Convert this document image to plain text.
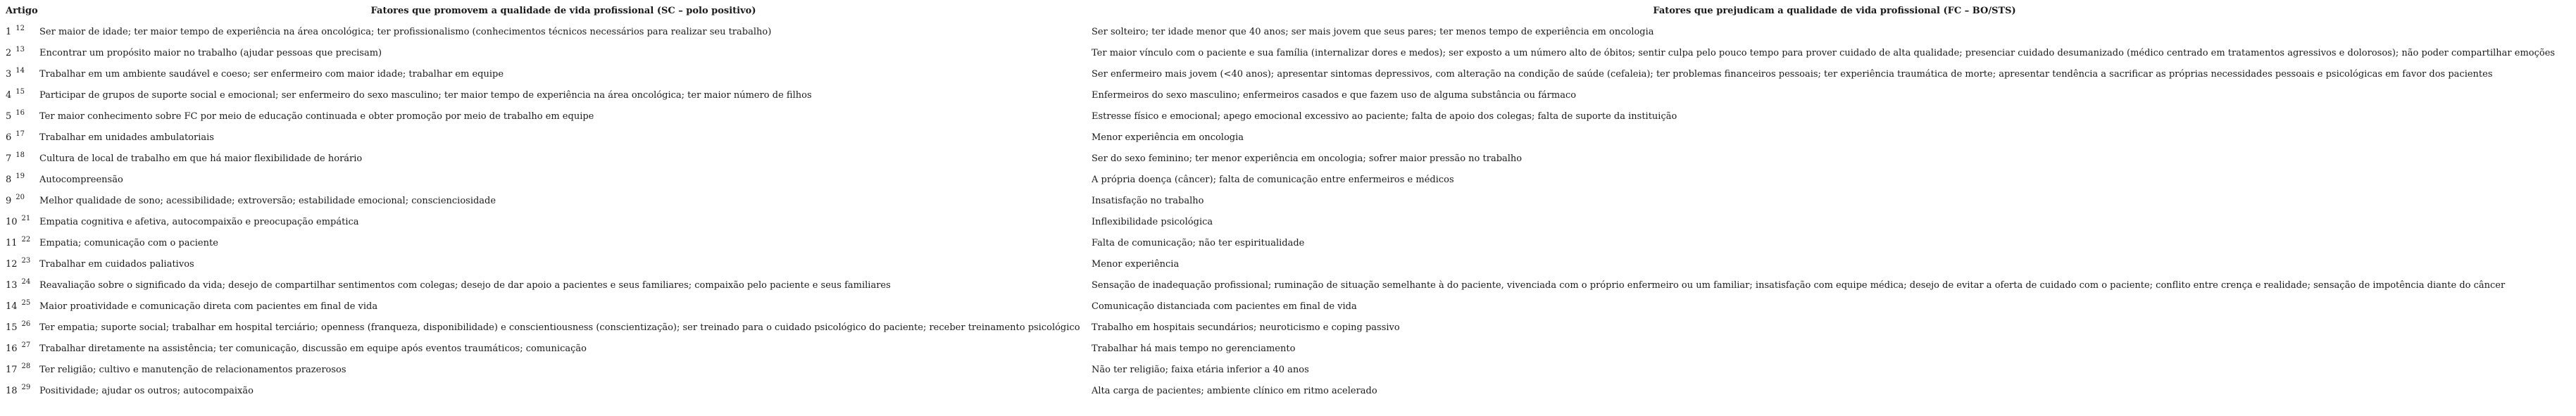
Artigo	Fatores que promovem a qualidade de vida profissional (SC – polo positivo)	Fatores que prejudicam a qualidade de vida profissional (FC – BO/STS)
1 $^{12}$	Ser maior de idade; ter maior tempo de experiência na área oncológica; ter profissionalismo (conhecimentos técnicos necessários para realizar seu trabalho)	Ser solteiro; ter idade menor que 40 anos; ser mais jovem que seus pares; ter menos tempo de experiência em oncologia
2 $^{13}$	Encontrar um propósito maior no trabalho (ajudar pessoas que precisam)	Ter maior vínculo com o paciente e sua família (internalizar dores e medos); ser exposto a um número alto de óbitos; sentir culpa pelo pouco tempo para prover cuidado de alta qualidade; presenciar cuidado desumanizado (médico centrado em tratamentos agressivos e dolorosos); não poder compartilhar emoções
3 $^{14}$	Trabalhar em um ambiente saudável e coeso; ser enfermeiro com maior idade; trabalhar em equipe	Ser enfermeiro mais jovem (<40 anos); apresentar sintomas depressivos, com alteração na condição de saúde (cefaleia); ter problemas financeiros pessoais; ter experiência traumática de morte; apresentar tendência a sacrificar as próprias necessidades pessoais e psicológicas em favor dos pacientes
4 $^{15}$	Participar de grupos de suporte social e emocional; ser enfermeiro do sexo masculino; ter maior tempo de experiência na área oncológica; ter maior número de filhos	Enfermeiros do sexo masculino; enfermeiros casados e que fazem uso de alguma substância ou fármaco
5 $^{16}$	Ter maior conhecimento sobre FC por meio de educação continuada e obter promoção por meio de trabalho em equipe	Estresse físico e emocional; apego emocional excessivo ao paciente; falta de apoio dos colegas; falta de suporte da instituição
6 $^{17}$	Trabalhar em unidades ambulatoriais	Menor experiência em oncologia
7 $^{18}$	Cultura de local de trabalho em que há maior flexibilidade de horário	Ser do sexo feminino; ter menor experiência em oncologia; sofrer maior pressão no trabalho
8 $^{19}$	Autocompreensão	A própria doença (câncer); falta de comunicação entre enfermeiros e médicos
9 $^{20}$	Melhor qualidade de sono; acessibilidade; extroversão; estabilidade emocional; conscienciosidade	Insatisfação no trabalho
10 $^{21}$	Empatia cognitiva e afetiva, autocompaixão e preocupação empática	Inflexibilidade psicológica
11 $^{22}$	Empatia; comunicação com o paciente	Falta de comunicação; não ter espiritualidade
12 $^{23}$	Trabalhar em cuidados paliativos	Menor experiência
13 $^{24}$	Reavaliação sobre o significado da vida; desejo de compartilhar sentimentos com colegas; desejo de dar apoio a pacientes e seus familiares; compaixão pelo paciente e seus familiares	Sensação de inadequação profissional; ruminação de situação semelhante à do paciente, vivenciada com o próprio enfermeiro ou um familiar; insatisfação com equipe médica; desejo de evitar a oferta de cuidado com o paciente; conflito entre crença e realidade; sensação de impotência diante do câncer
14 $^{25}$	Maior proatividade e comunicação direta com pacientes em final de vida	Comunicação distanciada com pacientes em final de vida
15 $^{26}$	Ter empatia; suporte social; trabalhar em hospital terciário; openness (franqueza, disponibilidade) e conscientiousness (conscientização); ser treinado para o cuidado psicológico do paciente; receber treinamento psicológico	Trabalho em hospitais secundários; neuroticismo e coping passivo
16 $^{27}$	Trabalhar diretamente na assistência; ter comunicação, discussão em equipe após eventos traumáticos; comunicação	Trabalhar há mais tempo no gerenciamento
17 $^{28}$	Ter religião; cultivo e manutenção de relacionamentos prazerosos	Não ter religião; faixa etária inferior a 40 anos
18 $^{29}$	Positividade; ajudar os outros; autocompaixão	Alta carga de pacientes; ambiente clínico em ritmo acelerado
